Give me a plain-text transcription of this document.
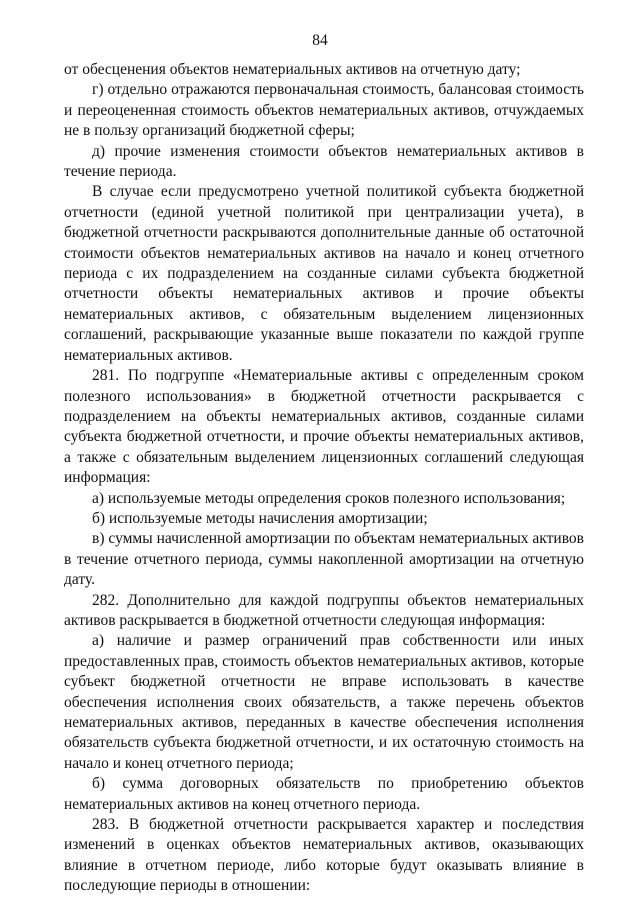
84

от обесценения объектов нематериальных активов на отчетную дату;

г) отдельно отражаются первоначальная стоимость, балансовая стоимость и переоцененная стоимость объектов нематериальных активов, отчуждаемых не в пользу организаций бюджетной сферы;

д) прочие изменения стоимости объектов нематериальных активов в течение периода.

В случае если предусмотрено учетной политикой субъекта бюджетной отчетности (единой учетной политикой при централизации учета), в бюджетной отчетности раскрываются дополнительные данные об остаточной стоимости объектов нематериальных активов на начало и конец отчетного периода с их подразделением на созданные силами субъекта бюджетной отчетности объекты нематериальных активов и прочие объекты нематериальных активов, с обязательным выделением лицензионных соглашений, раскрывающие указанные выше показатели по каждой группе нематериальных активов.

281. По подгруппе «Нематериальные активы с определенным сроком полезного использования» в бюджетной отчетности раскрывается с подразделением на объекты нематериальных активов, созданные силами субъекта бюджетной отчетности, и прочие объекты нематериальных активов, а также с обязательным выделением лицензионных соглашений следующая информация:

а) используемые методы определения сроков полезного использования;

б) используемые методы начисления амортизации;

в) суммы начисленной амортизации по объектам нематериальных активов в течение отчетного периода, суммы накопленной амортизации на отчетную дату.

282. Дополнительно для каждой подгруппы объектов нематериальных активов раскрывается в бюджетной отчетности следующая информация:

а) наличие и размер ограничений прав собственности или иных предоставленных прав, стоимость объектов нематериальных активов, которые субъект бюджетной отчетности не вправе использовать в качестве обеспечения исполнения своих обязательств, а также перечень объектов нематериальных активов, переданных в качестве обеспечения исполнения обязательств субъекта бюджетной отчетности, и их остаточную стоимость на начало и конец отчетного периода;

б) сумма договорных обязательств по приобретению объектов нематериальных активов на конец отчетного периода.

283. В бюджетной отчетности раскрывается характер и последствия изменений в оценках объектов нематериальных активов, оказывающих влияние в отчетном периоде, либо которые будут оказывать влияние в последующие периоды в отношении:
